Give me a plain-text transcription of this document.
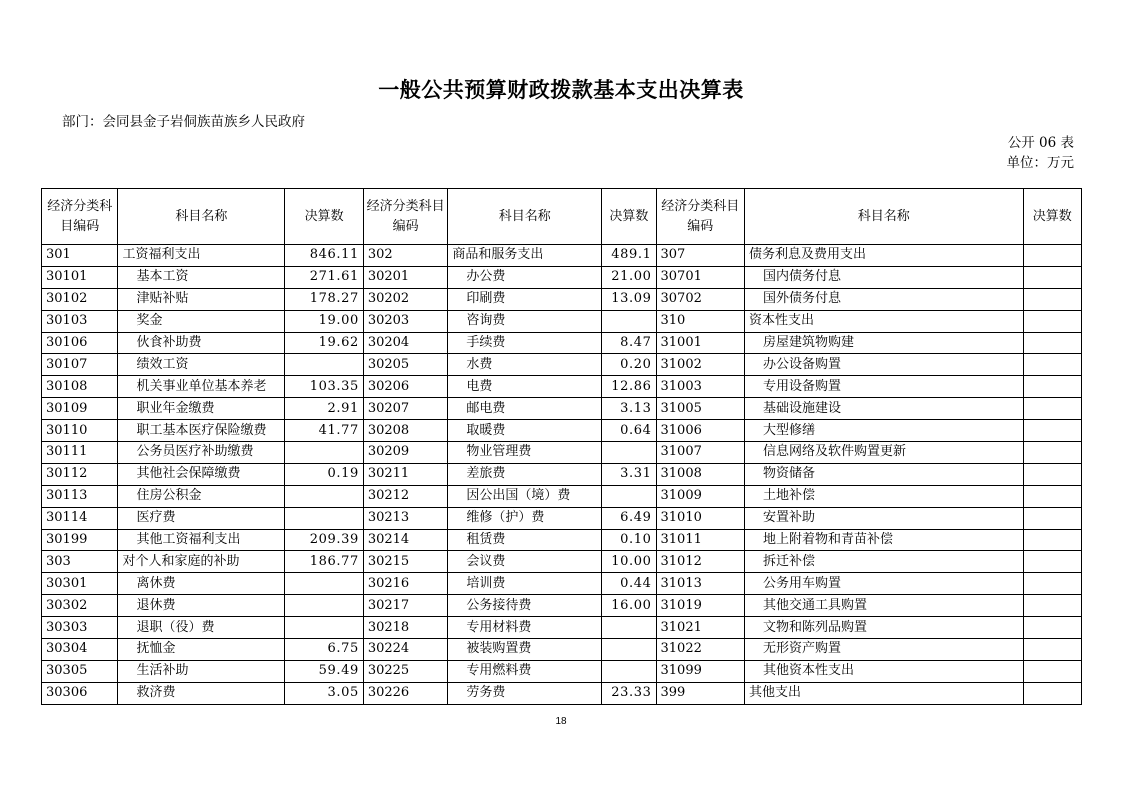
一般公共预算财政拨款基本支出决算表
部门：会同县金子岩侗族苗族乡人民政府
公开 06 表
单位：万元
经济分类科目编码	科目名称	决算数	经济分类科目编码	科目名称	决算数	经济分类科目编码	科目名称	决算数
301	工资福利支出	846.11	302	商品和服务支出	489.1	307	债务利息及费用支出	
30101	基本工资	271.61	30201	办公费	21.00	30701	国内债务付息	
30102	津贴补贴	178.27	30202	印刷费	13.09	30702	国外债务付息	
30103	奖金	19.00	30203	咨询费		310	资本性支出	
30106	伙食补助费	19.62	30204	手续费	8.47	31001	房屋建筑物购建	
30107	绩效工资		30205	水费	0.20	31002	办公设备购置	
30108	机关事业单位基本养老	103.35	30206	电费	12.86	31003	专用设备购置	
30109	职业年金缴费	2.91	30207	邮电费	3.13	31005	基础设施建设	
30110	职工基本医疗保险缴费	41.77	30208	取暖费	0.64	31006	大型修缮	
30111	公务员医疗补助缴费		30209	物业管理费		31007	信息网络及软件购置更新	
30112	其他社会保障缴费	0.19	30211	差旅费	3.31	31008	物资储备	
30113	住房公积金		30212	因公出国（境）费		31009	土地补偿	
30114	医疗费		30213	维修（护）费	6.49	31010	安置补助	
30199	其他工资福利支出	209.39	30214	租赁费	0.10	31011	地上附着物和青苗补偿	
303	对个人和家庭的补助	186.77	30215	会议费	10.00	31012	拆迁补偿	
30301	离休费		30216	培训费	0.44	31013	公务用车购置	
30302	退休费		30217	公务接待费	16.00	31019	其他交通工具购置	
30303	退职（役）费		30218	专用材料费		31021	文物和陈列品购置	
30304	抚恤金	6.75	30224	被装购置费		31022	无形资产购置	
30305	生活补助	59.49	30225	专用燃料费		31099	其他资本性支出	
30306	救济费	3.05	30226	劳务费	23.33	399	其他支出	
18
